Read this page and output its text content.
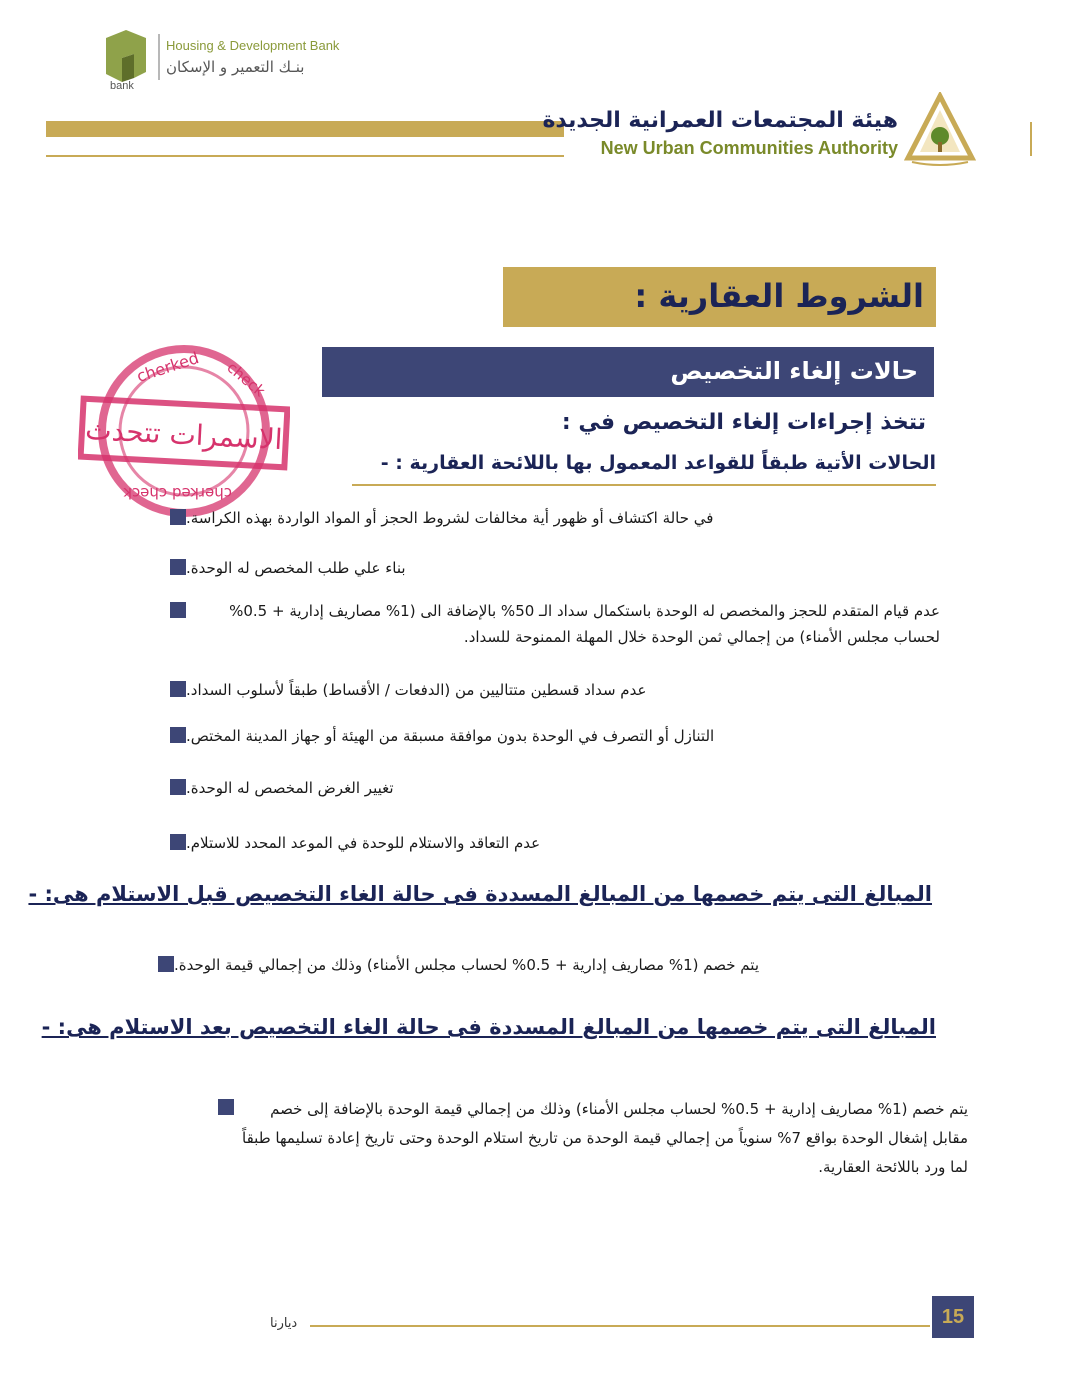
Housing & Development Bank
بنـك التعمير و الإسكان
bank
هيئة المجتمعات العمرانية الجديدة
New Urban Communities Authority
الشروط العقارية :
حالات إلغاء التخصيص
تتخذ إجراءات إلغاء التخصيص في :
الحالات الأتية طبقاً للقواعد المعمول بها باللائحة العقارية : -
cherked check
cherked check
الاسمرات تتحدث
في حالة اكتشاف أو ظهور أية مخالفات لشروط الحجز أو المواد الواردة بهذه الكراسة.
بناء علي طلب المخصص له الوحدة.
عدم قيام المتقدم للحجز والمخصص له الوحدة باستكمال سداد الـ 50% بالإضافة الى (1% مصاريف إدارية + 0.5% لحساب مجلس الأمناء) من إجمالي ثمن الوحدة خلال المهلة الممنوحة للسداد.
عدم سداد قسطين متتاليين من (الدفعات / الأقساط) طبقاً لأسلوب السداد.
التنازل أو التصرف في الوحدة بدون موافقة مسبقة من الهيئة أو جهاز المدينة المختص.
تغيير الغرض المخصص له الوحدة.
عدم التعاقد والاستلام للوحدة في الموعد المحدد للاستلام.
المبالغ التى يتم خصمها من المبالغ المسددة فى حالة الغاء التخصيص قبل الاستلام هى: -
يتم خصم (1% مصاريف إدارية + 0.5% لحساب مجلس الأمناء) وذلك من إجمالي قيمة الوحدة.
المبالغ التى يتم خصمها من المبالغ المسددة فى حالة الغاء التخصيص بعد الاستلام هى: -
يتم خصم (1% مصاريف إدارية + 0.5% لحساب مجلس الأمناء) وذلك من إجمالي قيمة الوحدة بالإضافة إلى خصم مقابل إشغال الوحدة بواقع 7% سنوياً من إجمالي قيمة الوحدة من تاريخ استلام الوحدة وحتى تاريخ إعادة تسليمها طبقاً لما ورد باللائحة العقارية.
ديارنا	15
